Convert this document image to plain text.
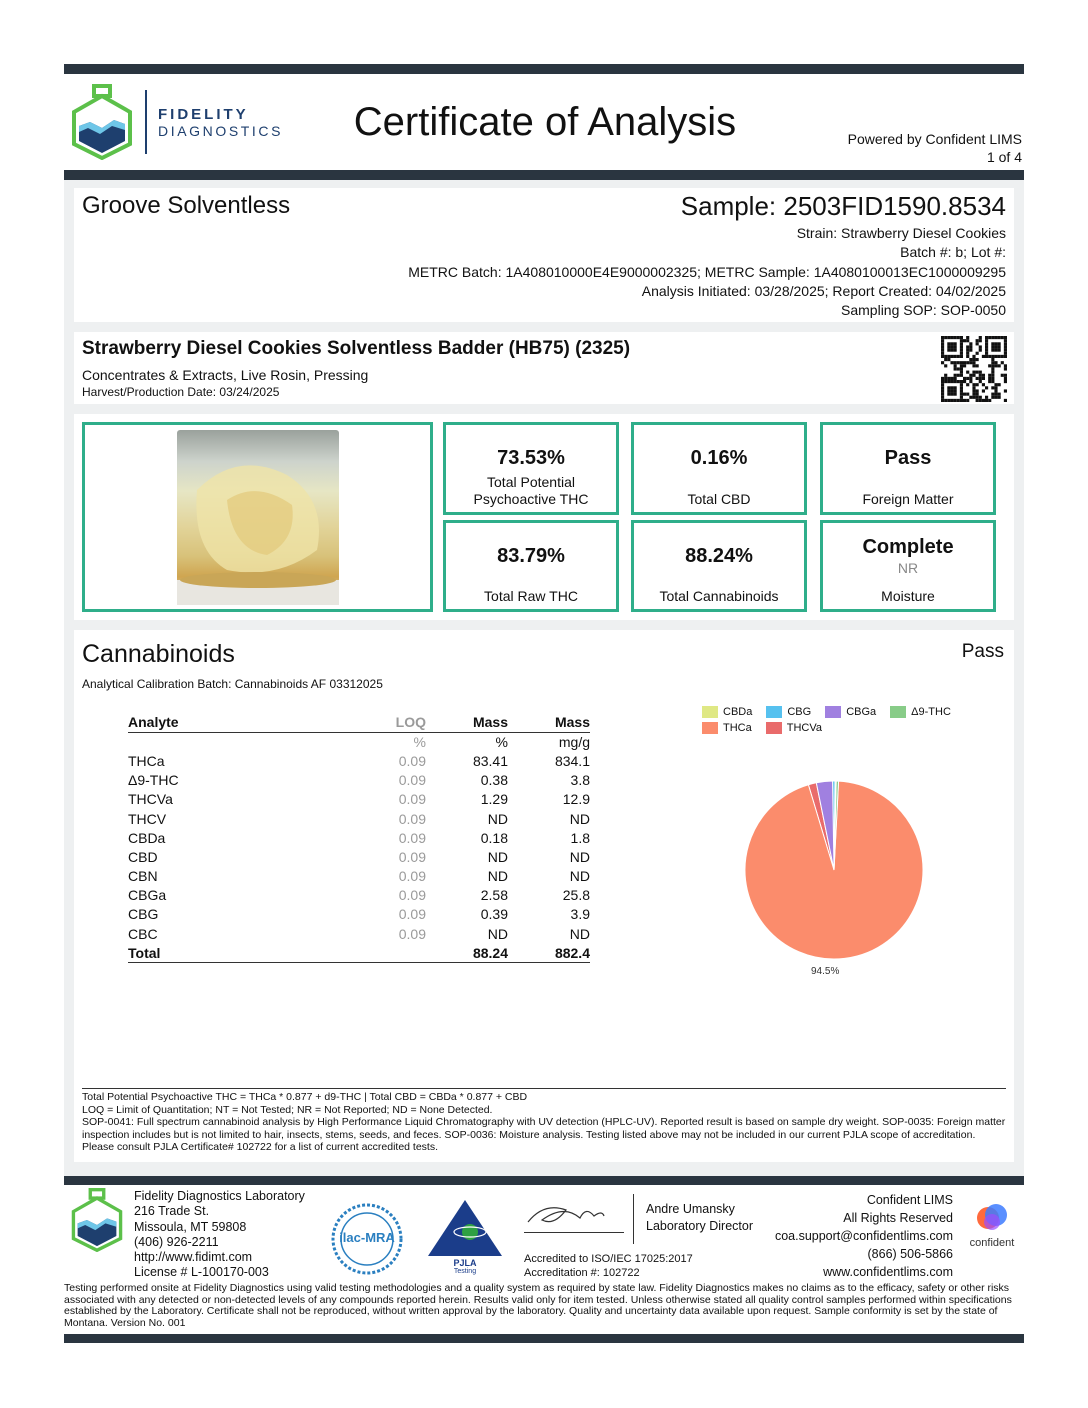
FIDELITY
DIAGNOSTICS	Certificate of Analysis	Powered by Confident LIMS
1 of 4
Groove Solventless	Sample: 2503FID1590.8534
Strain: Strawberry Diesel Cookies
Batch #: b; Lot #:
METRC Batch: 1A408010000E4E9000002325; METRC Sample: 1A4080100013EC1000009295
Analysis Initiated: 03/28/2025; Report Created: 04/02/2025
Sampling SOP: SOP-0050
Strawberry Diesel Cookies Solventless Badder (HB75) (2325)
Concentrates & Extracts, Live Rosin, Pressing
Harvest/Production Date: 03/24/2025
73.53%
Total Potential
Psychoactive THC
0.16%
Total CBD
Pass
Foreign Matter
83.79%
Total Raw THC
88.24%
Total Cannabinoids
Complete
NR
Moisture
Cannabinoids	Pass
Analytical Calibration Batch: Cannabinoids AF 03312025
Analyte	LOQ	Mass	Mass
	%	%	mg/g
THCa	0.09	83.41	834.1
Δ9-THC	0.09	0.38	3.8
THCVa	0.09	1.29	12.9
THCV	0.09	ND	ND
CBDa	0.09	0.18	1.8
CBD	0.09	ND	ND
CBN	0.09	ND	ND
CBGa	0.09	2.58	25.8
CBG	0.09	0.39	3.9
CBC	0.09	ND	ND
Total		88.24	882.4
CBDa	CBG	CBGa	Δ9-THC
THCa	THCVa
94.5%
Total Potential Psychoactive THC = THCa * 0.877 + d9-THC | Total CBD = CBDa * 0.877 + CBD
LOQ = Limit of Quantitation; NT = Not Tested; NR = Not Reported; ND = None Detected.
SOP-0041: Full spectrum cannabinoid analysis by High Performance Liquid Chromatography with UV detection (HPLC-UV). Reported result is based on sample dry weight. SOP-0035: Foreign matter inspection includes but is not limited to hair, insects, stems, seeds, and feces. SOP-0036: Moisture analysis. Testing listed above may not be included in our current PJLA scope of accreditation. Please consult PJLA Certificate# 102722 for a list of current accredited tests.
Fidelity Diagnostics Laboratory
216 Trade St.
Missoula, MT 59808
(406) 926-2211
http://www.fidimt.com
License # L-100170-003
ilac-MRA
PJLA
Testing
Andre Umansky
Laboratory Director
Accredited to ISO/IEC 17025:2017
Accreditation #: 102722
Confident LIMS
All Rights Reserved
coa.support@confidentlims.com
(866) 506-5866
www.confidentlims.com
confident
Testing performed onsite at Fidelity Diagnostics using valid testing methodologies and a quality system as required by state law. Fidelity Diagnostics makes no claims as to the efficacy, safety or other risks associated with any detected or non-detected levels of any compounds reported herein. Results valid only for item tested. Unless otherwise stated all quality control samples performed within specifications established by the Laboratory. Certificate shall not be reproduced, without written approval by the laboratory. Quality and uncertainty data available upon request. Sample conformity is set by the state of Montana. Version No. 001
